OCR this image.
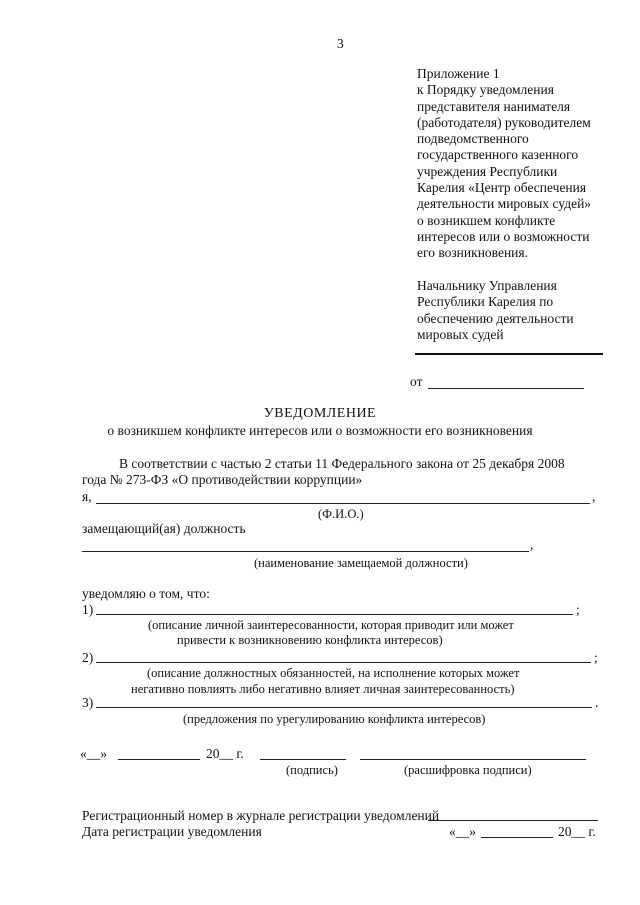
3
Приложение 1
к Порядку уведомления
представителя нанимателя
(работодателя) руководителем
подведомственного
государственного казенного
учреждения Республики
Карелия «Центр обеспечения
деятельности мировых судей»
о возникшем конфликте
интересов или о возможности
его возникновения.
Начальнику Управления
Республики Карелия по
обеспечению деятельности
мировых судей
от
УВЕДОМЛЕНИЕ
о возникшем конфликте интересов или о возможности его возникновения
В соответствии с частью 2 статьи 11 Федерального закона от 25 декабря 2008
года № 273-ФЗ «О противодействии коррупции»
я,	,
(Ф.И.О.)
замещающий(ая) должность
,
(наименование замещаемой должности)
уведомляю о том, что:
1)	;
(описание личной заинтересованности, которая приводит или может
привести к возникновению конфликта интересов)
2)	;
(описание должностных обязанностей, на исполнение которых может
негативно повлиять либо негативно влияет личная заинтересованность)
3)	.
(предложения по урегулированию конфликта интересов)
«__»	20__ г.
(подпись)	(расшифровка подписи)
Регистрационный номер в журнале регистрации уведомлений
Дата регистрации уведомления	«__»	20__ г.
